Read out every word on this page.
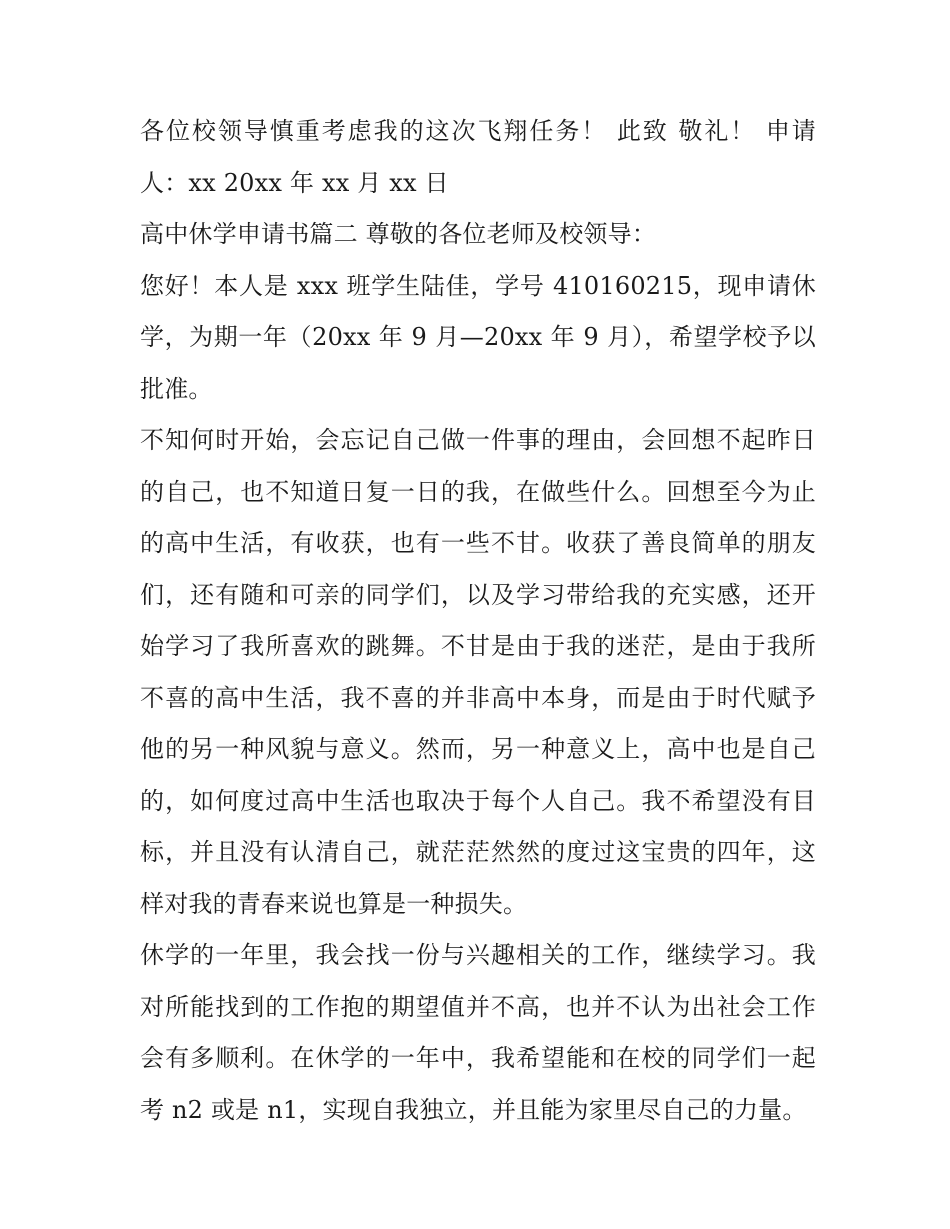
各位校领导慎重考虑我的这次飞翔任务！ 此致 敬礼！ 申请人：xx 20xx 年 xx 月 xx 日

高中休学申请书篇二 尊敬的各位老师及校领导：

您好！本人是 xxx 班学生陆佳，学号 410160215，现申请休学，为期一年（20xx 年 9 月—20xx 年 9 月），希望学校予以批准。

不知何时开始，会忘记自己做一件事的理由，会回想不起昨日的自己，也不知道日复一日的我，在做些什么。回想至今为止的高中生活，有收获，也有一些不甘。收获了善良简单的朋友们，还有随和可亲的同学们，以及学习带给我的充实感，还开始学习了我所喜欢的跳舞。不甘是由于我的迷茫，是由于我所不喜的高中生活，我不喜的并非高中本身，而是由于时代赋予他的另一种风貌与意义。然而，另一种意义上，高中也是自己的，如何度过高中生活也取决于每个人自己。我不希望没有目标，并且没有认清自己，就茫茫然然的度过这宝贵的四年，这样对我的青春来说也算是一种损失。

休学的一年里，我会找一份与兴趣相关的工作，继续学习。我对所能找到的工作抱的期望值并不高，也并不认为出社会工作会有多顺利。在休学的一年中，我希望能和在校的同学们一起考 n2 或是 n1，实现自我独立，并且能为家里尽自己的力量。
